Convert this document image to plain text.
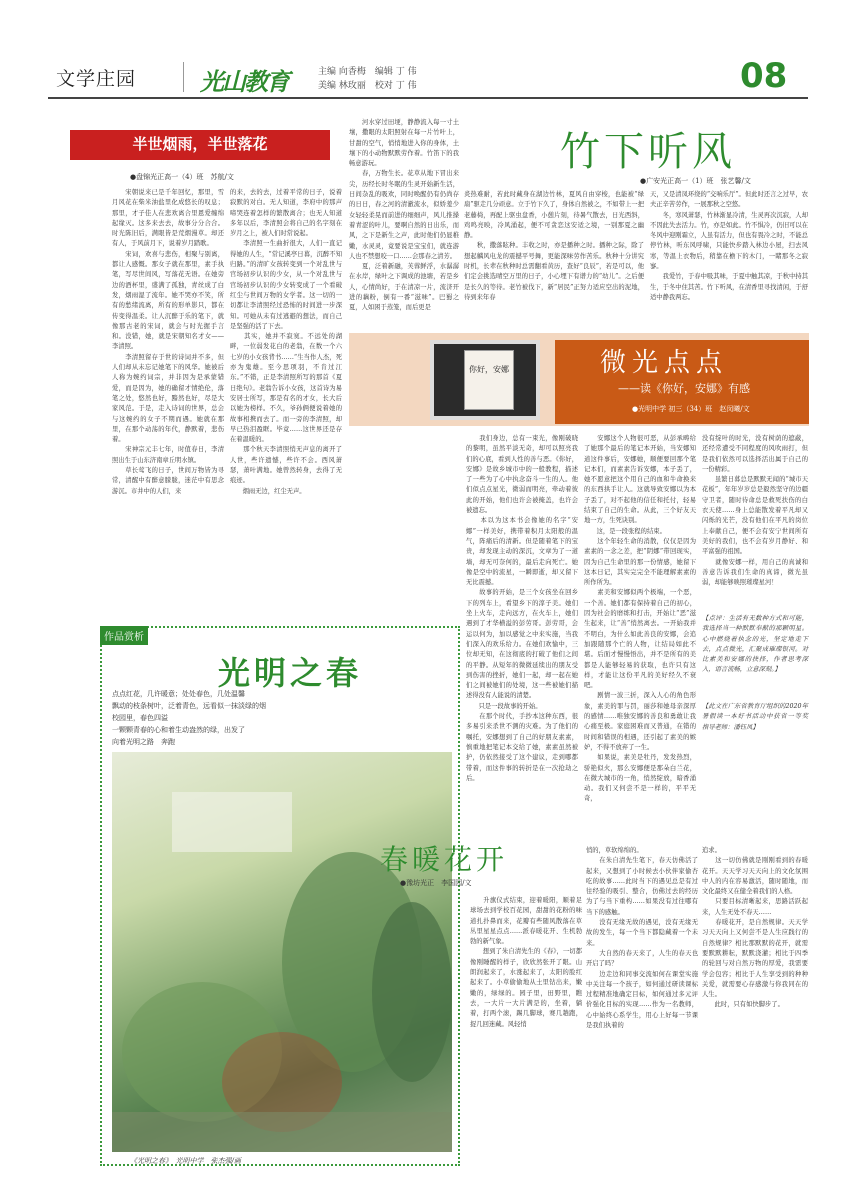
文学庄园	光山教育	主编 向香梅　编辑 丁 伟
美编 林玫丽　校对 丁 伟	08
半世烟雨，半世落花
●盘锦光正高一（4）班　苏航/文
　　宋朝说来已是千年回忆，那里，雪月风花在柴米油盐里化成悠长的叹息；那里，才子佳人在悲欢离合里恩爱缠绵起缘灭。这多来去去，故事分分合合。时光陈旧后，满眼皆是荒烟漫草。却还有人，于风前月下，说着岁月踏歌。
　　宋词，欢喜与悲伤，相聚与别离，都让人感慨。那女子就在那里，素手执笔，写尽世间风，写落花无语。在她旁边的酒杯里，盛满了孤独，青丝成了白发，烟雨湿了流年。她不哭亦不笑，所有的愁绪流离，所有的形单影只，都在传变得温柔。让人沉醉于乐的笔下，就像那古老的宋词，就会与时光握手言和。没错，她，就是宋朝知名才女——李清照。
　　李清照留存于世的诗词并不多，但人们却从未忘记她笔下的风华。她被后人称为婉约词宗，并非因为是承蒙错爱，而是因为，她的确留才情绝伦，落笔之处，悠然也好，黯然也好，尽是大家风范。于是，走入诗词的世界，总会与这婉约的女子不期而遇。她就在那里，在那个动荡的年代，静默着，悲伤着。
　　宋神宗元丰七年，时值春日，李清照出生于山东济南章丘明水镇。
　　草长莺飞的日子，世间万物皆为寻常，清醒中有醉意朦胧，迷茫中有思念游沉。市井中的人们，来
的来，去的去，过着平常的日子，说着寂默的对白。无人知道，李府中的那声啼哭连着怎样的繁散离合；也无人知道多年以后，李清照会将自己的名字刻在岁月之上，被人们时常说起。
　　李清照一生曲折很大，人们一直记得她的人生，“常记溪亭日暮，沉醉不知归路。”的清旷女孩转变到一个对乱世与官场初步认识的少女，从一个对乱世与官场初步认识的少女转变成了一个看破红尘与世间万物的女学者。这一切的一切都让李清照经过恐怖的时间进一步深知。可她从未有过逃避的想法，而自己是坚强的活了下去。
　　其实，她并不寂寞。不远处的湖畔，一位弱发花白的老翁，在数一个六七岁的小女孩背书……“生当作人杰，死亦为鬼雄。至今思项羽，不肯过江东。”不错，正是李清照所写的那首《夏日绝句》。老翁告诉小女孩，这首诗为易安居士所写，那是有名的才女，长大后以她为榜样。不久，爷孙俩便说着她的故事相携而去了。而一旁的李清照，却早已热泪盈眶。毕竟……这世界还是存在着温暖的。
　　那个秋天李清照悄无声息的离开了人世，些许遗憾，些许不会。西风萧瑟，萧叶满地。她曾然转身，去得了无痕迹。
　　烟雨无边，红尘无声。
　　河水穿过田埂，静静流入每一寸土壤，撒眼的太阳照射在每一片竹叶上，甘甜的空气，悄悄地进入你的身体，土壤下的小动物默默劳作着。竹笛下的我畅意游玩。
　　春，万物生长。花草从地下冒出来尖，历经长时冬眠的生灵开始新生活，日间杂乱的吸欢，同时唤醒仍有仍尚存的日日，春之河的清澈流水，似娇羞少女轻轻柔晃而前进的细细声，风儿推搡着青涩的叶儿，要啊自然的日出乐，而风，之下是新生之声，此时他们仍显稚嫩，水灵灵，竟要说是宝宝们，就连游人也不禁想咬一口……会那春之清芳。
　　夏，泛着新融，芙蓉鲜浮，水潺潺在水岸，绿叶之下调成的池塘，若是乡人，心情尚好，于在清凉一片，流济开进的藕粉，倒有一番“滋味”。巴蜀之夏，人如困于蒸笼，而后更是
竹下听风
●广安光正高一（1）班　张艺馨/文
炎热难耐，若此时藏身在湖边竹林，夏风自由穿梭，也能被“绿扇”驱走几分顽意。立于竹下久了，身体自然被之，不如带上一把老藤椅，再配上驱虫盘香，小憩片刻，待暑气散去，日光西斜，鸡鸣亮映，冷风涌起，便不可贪恋这安适之境，一别那夏之幽静。
　　秋，撒落眩种。丰收之时，亦是播种之时。播种之际，除了想起麟风电龙的震撼平号舞，更能深味劳作苦乐。秋种十分讲究时机，长辈在秋种时总需翻看黄历，查好“良辰”，若是可以，他们定会挑选晴空万里的日子，小心埋下有谱力的“幼儿”。之后便是长久的等待。老竹被伐下，新“居民”正努力适应空出的泥地，待到来年春
天，又是清凤环绕的“交响乐厅”。但此时还言之过早，农夫正辛苦劳作，一展那秋之空悠。
　　冬，寒风萧瑟，竹林渐显冷清，生灵再次沉寂，人却不因此失去活力。竹，亦是如此。竹不惧冷，仍旧可以在冬风中迎刚霜立，人虽有活力，但也有畏冷之时，不能总停竹林，听东风呼啸，只能快步踏入林边小屋，扫去风寒，等温上衣物后，稍靠在檐下的木门，一睹那冬之寂寥。
　　我爱竹，于春中吸其味，于夏中触其凉，于秋中持其生，于冬中住其苦。竹下听风，在清香里寻找清闲，于舒适中静我两忘。
你好，安娜	微光点点
——读《你好，安娜》有感
●光明中学 初三（34）班　赵闵曦/文
　　我们身边，总有一束光，像刚破晓的黎明，虽然平淡无奇，却可以照亮我们的心底，看到人性的善与恶。《你好，安娜》是故乡城市中的一般教程，描述了一些为了心中执念奋斗一生的人。他们似点点星光，微弱而明亮，牵动着彼此的开始，他们也许会被掩盖，也许会被遗忘。
　　本以为这本书会像她的名字“安娜”一样美好，携带着积月太阳般的温气，阵痛后的清新。但是随着笔下的宝贵，却发现主动的深沉，文章为了一道墙，却无可奈何的，最后走向死亡。她像是空中的流星，一瞬即逝，却又留下无比震撼。
　　故事的开始，是三个女孩坐在回乡下的列车上，看望乡下的淳子美。她们坐上火车，走向远方，在火车上，她们遇到了才华横溢的彭劳哥。彭劳哥，会运以何为，加以感觉之中来实施，当我们深入的欢乐给力。在她们欢愉中，三位却无知，在这彻底的打破了他们之间的平静。从短年的微微延续出的朋友受到伤害的挫折，她们一起，却一起在她们之间被她们的处境，这一些被她们描述得没有人能说的清楚。
　　只是一段故事的开始。
　　在那个时代，手抄本这种东西，很多易引来杀世不测的灾难。为了他们的嘱托，安娜想到了自己的好朋友素素，慎重地把笔记本交给了她，素素虽然被护，仍依然接受了这个建议，走到哪都带着，而这件事的转折是在一次抢劫之后。
　　安娜这个人物很可恶，从彭承畴给了她那个最后的笔记本开始，当安娜知道这件事后，安娜她，顺便要回那个笔记本们，而素素告诉安娜，本子丢了，她不愿意把这个用自己的血和牛命换来的东西拱手让人。这就导致安娜以为本子丢了，对不起他的信任和托付，轻易结束了自己的生命。从此，三个好友天地一方，生死诀别。
　　这，是一段张程的结束。
　　这个年轻生命的消散，仅仅是因为素素的一念之差，把“阴娜”带回现实，因为自己生命里的那一份情感，她留下这本日记，其实完完全不能理解素素的所作所为。
　　素美和安娜似两个极端，一个恶，一个善。她们都有保持着自己的初心，因为社会的磨练和打击，开始让“恶”滋生起来，让“善”悄然离去。一开始我并不明白，为什么如此善良的安娜，会追加跟随那个亡的人物，让结局如此不堪。后面才慢慢悟出，并不是所有的美都是人能够轻易的获取，也许只有这样，才能让这份平凡的美好经久不衰吧。
　　剧情一波三折，深入人心的角色形象，素美的罪与罚，丽莎和她母亲深厚的感情……唯独安娜的善良和勇敢让我心痛至极。家庭困难而又普通，在错的时间和错误的相遇，还引起了素美的嫉妒，不得不放弃了一生。
　　如果说，素美是牡丹，发发热烈，骄艳似火，那么安娜便是那朵白兰花，在微大城市的一角，悄然绽放，暗香涌动。我们又何尝不是一样的，平平无奇，
没有绽叶的时光，没有树荫的遮蔽，还经常遭受不同程度的风吹雨打，但是我们依然可以选择活出属于自己的一份精彩。
　　虽繁日暮总是默默无闻的“城市天花板”，年年岁岁总是毅然坚守的边疆守卫者，随时待命总是救死扶伤的白衣天使……身上总能散发着平凡却又闪烁的光芒，没有他们在平凡的岗位上奉献自己，便不会有安宁世间所有美好的我们，也不会有岁月静好、和平富强的祖国。
　　就像安娜一样，用自己的真诚和善意告诉我们生命的真谛，微光虽弱，却能够映照璀璨星河！
【点评：生活有无数种方式和可能，我选择当一种默默奉献的那颗明星。心中燃烧着执念的光，坚定地走下去，点点微光，汇聚成璀璨银河。对比素美和安娜的抉择，作者思考深入，语言流畅，立意深刻。】
【此文在广东省教育厅组织的2020年暑假读一本好书活动中获省一等奖　指导老师：潘钰凤】
作品赏析
光明之春
点点红花，几许暖意；处处春色，几处温馨
飘动的枝条树叶，泛着青色，远看似一抹淡绿的烟
校园里，春色四溢
一颗颗青春的心和着生动盎然的绿，出发了
向着光明之路　奔跑
《光明之春》　光明中学　张杰强/画
春暖花开
●豫坊光正　李国园/文
　　升旗仪式结束，迎着暖阳，顺着足球场去到学校百花园，甜甜的花粉的味道扎扑鼻而来，花瓣有些随风散落在草丛里星星点点……派春暖花开、生机勃勃的新气象。
　　想到了朱自清先生的《春》，一切都像刚睡醒的样子，欣欣然张开了眼。山朗润起来了，水涨起来了，太阳的脸红起来了。小草偷偷地从土里钻出来，嫩嫩的，绿绿的。园子里，田野里，瞧去，一大片一大片满是的，坐着，躺着，打两个滚，踢几脚球，赛几趟跑，捉几回迷藏。风轻悄
悄的，草软绵绵的。
　　在朱自清先生笔下，春天仿佛活了起来，又想到了小时候去小伙伴家偷杏吃的故事……此时当下的遇见总是有过往经验的吸引、整合，仿佛过去的经历为了与当下重构……如果没有过往哪有当下的感触。
　　没有无缘无故的遇见，没有无缘无故的发生，每一个当下都隐藏着一个未来。
　　大自然的春天来了，人生的春天也开启了吗？
　　边走边和同事交流如何在课堂实施中关注每一个孩子，如何通过研读课标过程精准地确定目标，如何通过多元评价强化目标的实现……作为一名教师，心中始终心系学生，用心上好每一节课是我们执着的
追求。
　　这一切仿佛就是刚刚看到的春暖花开。天天学习天天向上的文化氛围中人的内在容易激活，随时随地，而文化最终又在健全着我们的人格。
　　只要目标清晰起来，思路活跃起来，人生无处不春天……
　　春暖花开，是自然规律。天天学习天天向上又何尝不是人生应践行的自然规律？相比那默默的花开，就需要默默耕耘，默默浇灌；相比于四季的轮回与对自然万物的厚爱，我需要学会包容；相比于人生享受到的种种关爱，就需要心存感激与你我同在的人生。
　　此时，只有如快脚步了。
